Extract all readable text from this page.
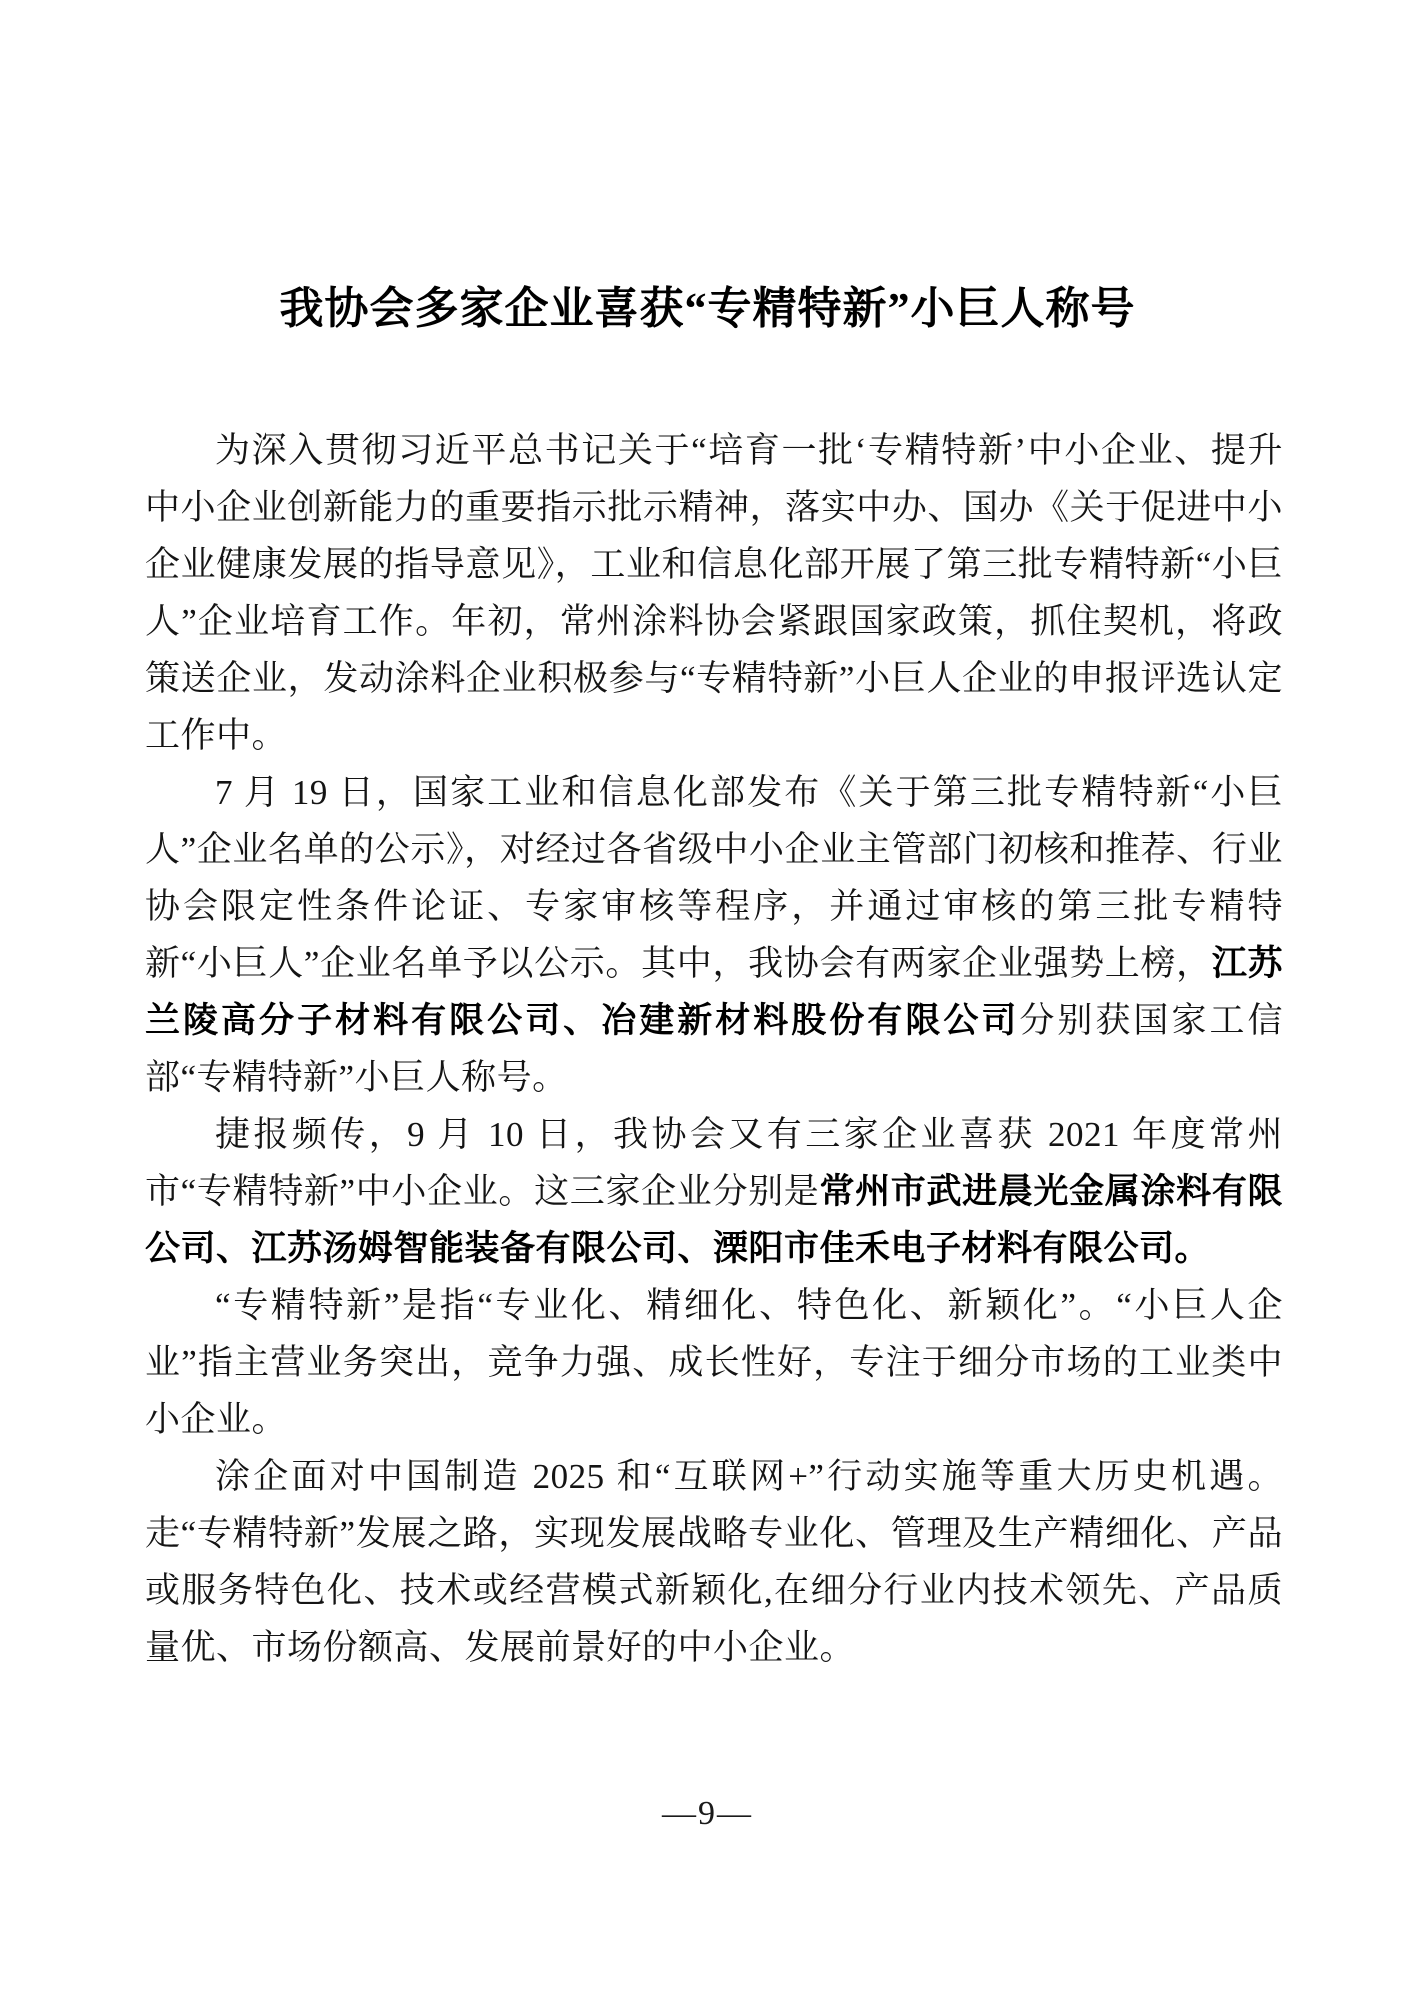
我协会多家企业喜获“专精特新”小巨人称号

为深入贯彻习近平总书记关于“培育一批‘专精特新’中小企业、提升中小企业创新能力的重要指示批示精神，落实中办、国办《关于促进中小企业健康发展的指导意见》，工业和信息化部开展了第三批专精特新“小巨人”企业培育工作。年初，常州涂料协会紧跟国家政策，抓住契机，将政策送企业，发动涂料企业积极参与“专精特新”小巨人企业的申报评选认定工作中。

7 月 19 日，国家工业和信息化部发布《关于第三批专精特新“小巨人”企业名单的公示》，对经过各省级中小企业主管部门初核和推荐、行业协会限定性条件论证、专家审核等程序，并通过审核的第三批专精特新“小巨人”企业名单予以公示。其中，我协会有两家企业强势上榜，江苏兰陵高分子材料有限公司、冶建新材料股份有限公司分别获国家工信部“专精特新”小巨人称号。

捷报频传，9 月 10 日，我协会又有三家企业喜获 2021 年度常州市“专精特新”中小企业。这三家企业分别是常州市武进晨光金属涂料有限公司、江苏汤姆智能装备有限公司、溧阳市佳禾电子材料有限公司。

“专精特新”是指“专业化、精细化、特色化、新颖化”。“小巨人企业”指主营业务突出，竞争力强、成长性好，专注于细分市场的工业类中小企业。

涂企面对中国制造 2025 和“互联网+”行动实施等重大历史机遇。走“专精特新”发展之路，实现发展战略专业化、管理及生产精细化、产品或服务特色化、技术或经营模式新颖化,在细分行业内技术领先、产品质量优、市场份额高、发展前景好的中小企业。

—9—
